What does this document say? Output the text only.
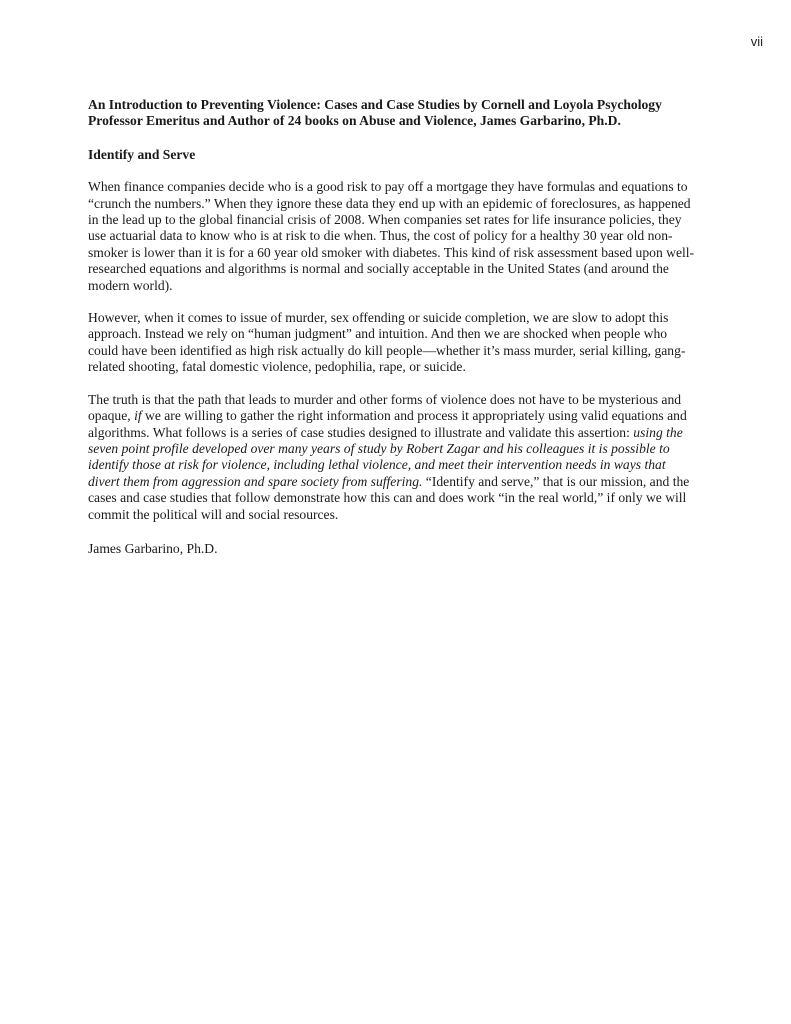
vii

An Introduction to Preventing Violence: Cases and Case Studies by Cornell and Loyola Psychology
Professor Emeritus and Author of 24 books on Abuse and Violence, James Garbarino, Ph.D.

Identify and Serve

When finance companies decide who is a good risk to pay off a mortgage they have formulas and equations to “crunch the numbers.” When they ignore these data they end up with an epidemic of foreclosures, as happened in the lead up to the global financial crisis of 2008. When companies set rates for life insurance policies, they use actuarial data to know who is at risk to die when. Thus, the cost of policy for a healthy 30 year old non-smoker is lower than it is for a 60 year old smoker with diabetes. This kind of risk assessment based upon well-researched equations and algorithms is normal and socially acceptable in the United States (and around the modern world).

However, when it comes to issue of murder, sex offending or suicide completion, we are slow to adopt this approach. Instead we rely on “human judgment” and intuition. And then we are shocked when people who could have been identified as high risk actually do kill people—whether it’s mass murder, serial killing, gang-related shooting, fatal domestic violence, pedophilia, rape, or suicide.

The truth is that the path that leads to murder and other forms of violence does not have to be mysterious and opaque, if we are willing to gather the right information and process it appropriately using valid equations and algorithms. What follows is a series of case studies designed to illustrate and validate this assertion: using the seven point profile developed over many years of study by Robert Zagar and his colleagues it is possible to identify those at risk for violence, including lethal violence, and meet their intervention needs in ways that divert them from aggression and spare society from suffering. “Identify and serve,” that is our mission, and the cases and case studies that follow demonstrate how this can and does work “in the real world,” if only we will commit the political will and social resources.

James Garbarino, Ph.D.
